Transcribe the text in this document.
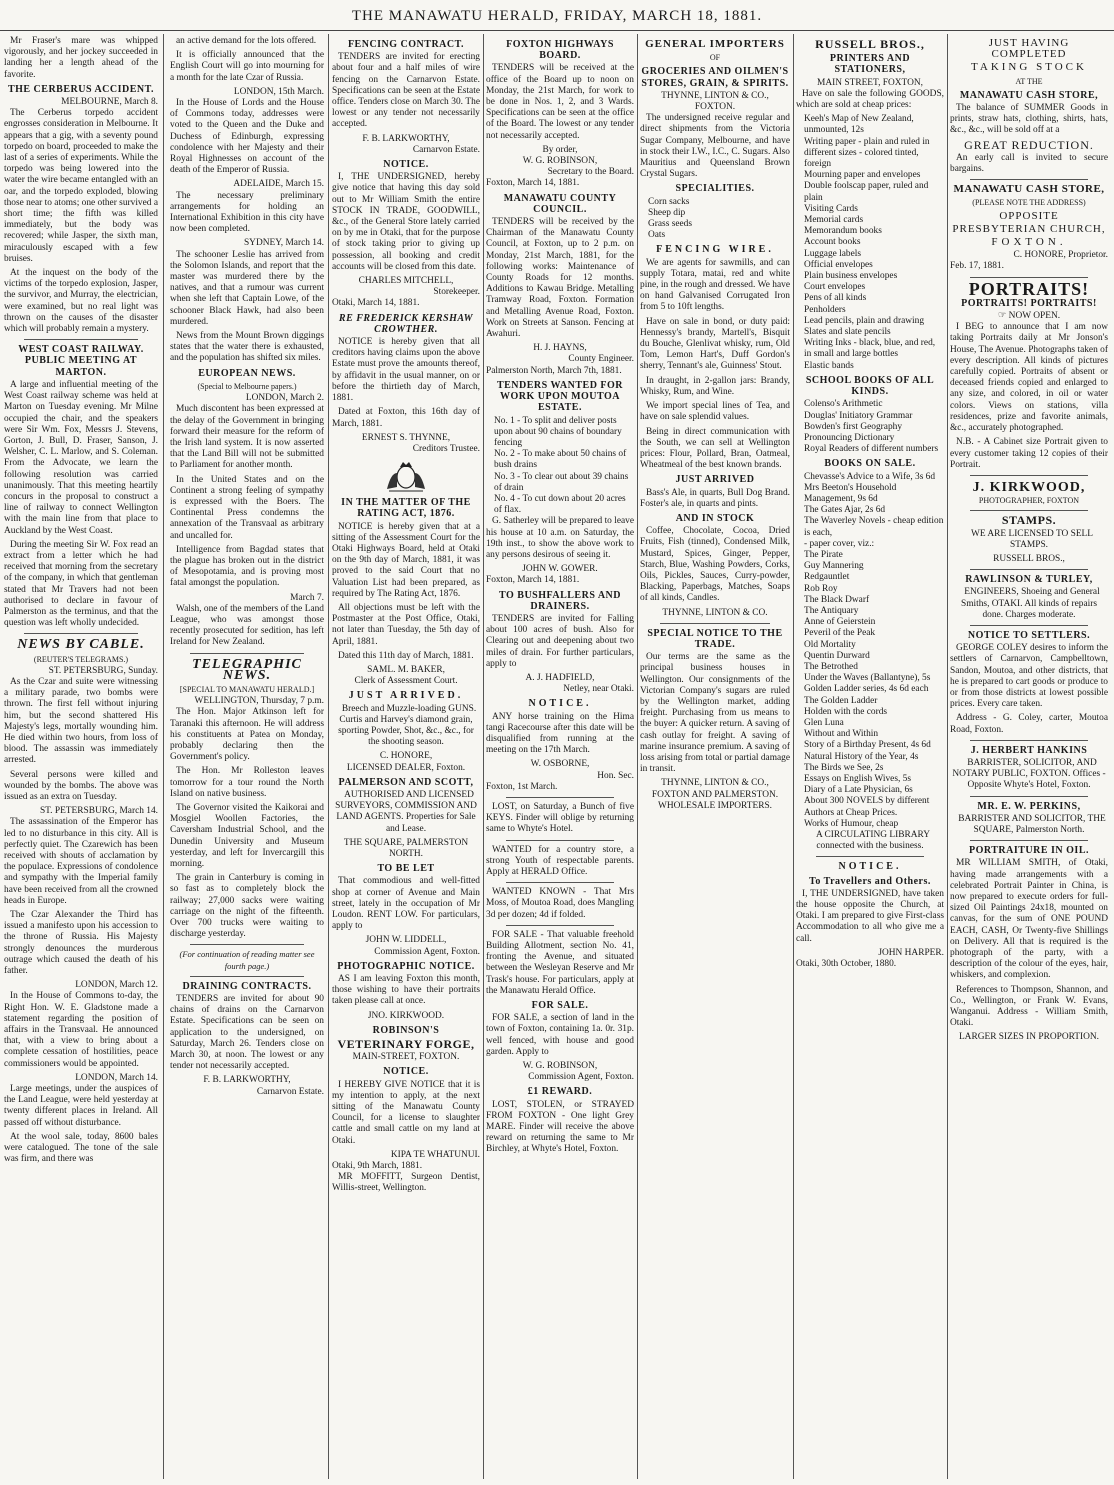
THE MANAWATU HERALD, FRIDAY, MARCH 18, 1881.
Mr Fraser's mare was whipped vigorously, and her jockey succeeded in landing her a length ahead of the favorite.
THE CERBERUS ACCIDENT.
MELBOURNE, March 8.
The Cerberus torpedo accident engrosses consideration in Melbourne. It appears that a gig, with a seventy pound torpedo on board, proceeded to make the last of a series of experiments. While the torpedo was being lowered into the water the wire became entangled with an oar, and the torpedo exploded, blowing those near to atoms; one other survived a short time; the fifth was killed immediately, but the body was recovered; while Jasper, the sixth man, miraculously escaped with a few bruises.
At the inquest on the body of the victims of the torpedo explosion, Jasper, the survivor, and Murray, the electrician, were examined, but no real light was thrown on the causes of the disaster which will probably remain a mystery.
WEST COAST RAILWAY. PUBLIC MEETING AT MARTON.
A large and influential meeting of the West Coast railway scheme was held at Marton on Tuesday evening. Mr Milne occupied the chair, and the speakers were Sir Wm. Fox, Messrs J. Stevens, Gorton, J. Bull, D. Fraser, Sanson, J. Welsher, C. L. Marlow, and S. Coleman. From the Advocate, we learn the following resolution was carried unanimously. That this meeting heartily concurs in the proposal to construct a line of railway to connect Wellington with the main line from that place to Auckland by the West Coast.
During the meeting Sir W. Fox read an extract from a letter which he had received that morning from the secretary of the company, in which that gentleman stated that Mr Travers had not been authorised to declare in favour of Palmerston as the terminus, and that the question was left wholly undecided.
NEWS BY CABLE.
(REUTER'S TELEGRAMS.)
ST. PETERSBURG, Sunday.
As the Czar and suite were witnessing a military parade, two bombs were thrown. The first fell without injuring him, but the second shattered His Majesty's legs, mortally wounding him. He died within two hours, from loss of blood. The assassin was immediately arrested.
Several persons were killed and wounded by the bombs. The above was issued as an extra on Tuesday.
ST. PETERSBURG, March 14.
The assassination of the Emperor has led to no disturbance in this city. All is perfectly quiet. The Czarewich has been received with shouts of acclamation by the populace. Expressions of condolence and sympathy with the Imperial family have been received from all the crowned heads in Europe.
The Czar Alexander the Third has issued a manifesto upon his accession to the throne of Russia. His Majesty strongly denounces the murderous outrage which caused the death of his father.
LONDON, March 12.
In the House of Commons to-day, the Right Hon. W. E. Gladstone made a statement regarding the position of affairs in the Transvaal. He announced that, with a view to bring about a complete cessation of hostilities, peace commissioners would be appointed.
LONDON, March 14.
Large meetings, under the auspices of the Land League, were held yesterday at twenty different places in Ireland. All passed off without disturbance.
At the wool sale, today, 8600 bales were catalogued. The tone of the sale was firm, and there was
an active demand for the lots offered.
It is officially announced that the English Court will go into mourning for a month for the late Czar of Russia.
LONDON, 15th March.
In the House of Lords and the House of Commons today, addresses were voted to the Queen and the Duke and Duchess of Edinburgh, expressing condolence with her Majesty and their Royal Highnesses on account of the death of the Emperor of Russia.
ADELAIDE, March 15.
The necessary preliminary arrangements for holding an International Exhibition in this city have now been completed.
SYDNEY, March 14.
The schooner Leslie has arrived from the Solomon Islands, and report that the master was murdered there by the natives, and that a rumour was current when she left that Captain Lowe, of the schooner Black Hawk, had also been murdered.
News from the Mount Brown diggings states that the water there is exhausted, and the population has shifted six miles.
EUROPEAN NEWS.
(Special to Melbourne papers.)
LONDON, March 2.
Much discontent has been expressed at the delay of the Government in bringing forward their measure for the reform of the Irish land system. It is now asserted that the Land Bill will not be submitted to Parliament for another month.
In the United States and on the Continent a strong feeling of sympathy is expressed with the Boers. The Continental Press condemns the annexation of the Transvaal as arbitrary and uncalled for.
Intelligence from Bagdad states that the plague has broken out in the district of Mesopotamia, and is proving most fatal amongst the population.
March 7.
Walsh, one of the members of the Land League, who was amongst those recently prosecuted for sedition, has left Ireland for New Zealand.
TELEGRAPHIC NEWS.
[SPECIAL TO MANAWATU HERALD.]
WELLINGTON, Thursday, 7 p.m.
The Hon. Major Atkinson left for Taranaki this afternoon. He will address his constituents at Patea on Monday, probably declaring then the Government's policy.
The Hon. Mr Rolleston leaves tomorrow for a tour round the North Island on native business.
The Governor visited the Kaikorai and Mosgiel Woollen Factories, the Caversham Industrial School, and the Dunedin University and Museum yesterday, and left for Invercargill this morning.
The grain in Canterbury is coming in so fast as to completely block the railway; 27,000 sacks were waiting carriage on the night of the fifteenth. Over 700 trucks were waiting to discharge yesterday.
(For continuation of reading matter see fourth page.)
DRAINING CONTRACTS.
TENDERS are invited for about 90 chains of drains on the Carnarvon Estate. Specifications can be seen on application to the undersigned, on Saturday, March 26. Tenders close on March 30, at noon. The lowest or any tender not necessarily accepted.
F. B. LARKWORTHY,
Carnarvon Estate.
FENCING CONTRACT.
TENDERS are invited for erecting about four and a half miles of wire fencing on the Carnarvon Estate. Specifications can be seen at the Estate office. Tenders close on March 30. The lowest or any tender not necessarily accepted.
F. B. LARKWORTHY,
Carnarvon Estate.
NOTICE.
I, THE UNDERSIGNED, hereby give notice that having this day sold out to Mr William Smith the entire STOCK IN TRADE, GOODWILL, &c., of the General Store lately carried on by me in Otaki, that for the purpose of stock taking prior to giving up possession, all booking and credit accounts will be closed from this date.
CHARLES MITCHELL,
Storekeeper.
Otaki, March 14, 1881.
RE FREDERICK KERSHAW CROWTHER.
NOTICE is hereby given that all creditors having claims upon the above Estate must prove the amounts thereof, by affidavit in the usual manner, on or before the thirtieth day of March, 1881.
Dated at Foxton, this 16th day of March, 1881.
ERNEST S. THYNNE,
Creditors Trustee.
IN THE MATTER OF THE RATING ACT, 1876.
NOTICE is hereby given that at a sitting of the Assessment Court for the Otaki Highways Board, held at Otaki on the 9th day of March, 1881, it was proved to the said Court that no Valuation List had been prepared, as required by The Rating Act, 1876.
All objections must be left with the Postmaster at the Post Office, Otaki, not later than Tuesday, the 5th day of April, 1881.
Dated this 11th day of March, 1881.
SAML. M. BAKER,
Clerk of Assessment Court.
JUST ARRIVED.
Breech and Muzzle-loading GUNS. Curtis and Harvey's diamond grain, sporting Powder, Shot, &c., &c., for the shooting season.
C. HONORE,
LICENSED DEALER, Foxton.
PALMERSON AND SCOTT,
AUTHORISED AND LICENSED SURVEYORS, COMMISSION AND LAND AGENTS. Properties for Sale and Lease.
THE SQUARE, PALMERSTON NORTH.
TO BE LET
That commodious and well-fitted shop at corner of Avenue and Main street, lately in the occupation of Mr Loudon. RENT LOW. For particulars, apply to
JOHN W. LIDDELL,
Commission Agent, Foxton.
PHOTOGRAPHIC NOTICE.
AS I am leaving Foxton this month, those wishing to have their portraits taken please call at once.
JNO. KIRKWOOD.
ROBINSON'S
VETERINARY FORGE,
MAIN-STREET, FOXTON.
NOTICE.
I HEREBY GIVE NOTICE that it is my intention to apply, at the next sitting of the Manawatu County Council, for a license to slaughter cattle and small cattle on my land at Otaki.
KIPA TE WHATUNUI.
Otaki, 9th March, 1881.
MR MOFFITT, Surgeon Dentist, Willis-street, Wellington.
FOXTON HIGHWAYS BOARD.
TENDERS will be received at the office of the Board up to noon on Monday, the 21st March, for work to be done in Nos. 1, 2, and 3 Wards. Specifications can be seen at the office of the Board. The lowest or any tender not necessarily accepted.
By order,
W. G. ROBINSON,
Secretary to the Board.
Foxton, March 14, 1881.
MANAWATU COUNTY COUNCIL.
TENDERS will be received by the Chairman of the Manawatu County Council, at Foxton, up to 2 p.m. on Monday, 21st March, 1881, for the following works: Maintenance of County Roads for 12 months. Additions to Kawau Bridge. Metalling Tramway Road, Foxton. Formation and Metalling Avenue Road, Foxton. Work on Streets at Sanson. Fencing at Awahuri.
H. J. HAYNS,
County Engineer.
Palmerston North, March 7th, 1881.
TENDERS WANTED FOR WORK UPON MOUTOA ESTATE.
No. 1 - To split and deliver posts upon about 90 chains of boundary fencing
No. 2 - To make about 50 chains of bush drains
No. 3 - To clear out about 39 chains of drain
No. 4 - To cut down about 20 acres of flax.
G. Satherley will be prepared to leave his house at 10 a.m. on Saturday, the 19th inst., to show the above work to any persons desirous of seeing it.
JOHN W. GOWER.
Foxton, March 14, 1881.
TO BUSHFALLERS AND DRAINERS.
TENDERS are invited for Falling about 100 acres of bush. Also for Clearing out and deepening about two miles of drain. For further particulars, apply to
A. J. HADFIELD,
Netley, near Otaki.
NOTICE.
ANY horse training on the Hima tangi Racecourse after this date will be disqualified from running at the meeting on the 17th March.
W. OSBORNE,
Hon. Sec.
Foxton, 1st March.
LOST, on Saturday, a Bunch of five KEYS. Finder will oblige by returning same to Whyte's Hotel.
WANTED for a country store, a strong Youth of respectable parents. Apply at HERALD Office.
WANTED KNOWN - That Mrs Moss, of Moutoa Road, does Mangling 3d per dozen; 4d if folded.
FOR SALE - That valuable freehold Building Allotment, section No. 41, fronting the Avenue, and situated between the Wesleyan Reserve and Mr Trask's house. For particulars, apply at the Manawatu Herald Office.
FOR SALE.
FOR SALE, a section of land in the town of Foxton, containing 1a. 0r. 31p. well fenced, with house and good garden. Apply to
W. G. ROBINSON,
Commission Agent, Foxton.
£1 REWARD.
LOST, STOLEN, or STRAYED FROM FOXTON - One light Grey MARE. Finder will receive the above reward on returning the same to Mr Birchley, at Whyte's Hotel, Foxton.
GENERAL IMPORTERS
OF
GROCERIES AND OILMEN'S STORES, GRAIN, & SPIRITS.
THYNNE, LINTON & CO.,
FOXTON.
The undersigned receive regular and direct shipments from the Victoria Sugar Company, Melbourne, and have in stock their I.W., I.C., C. Sugars. Also Mauritius and Queensland Brown Crystal Sugars.
SPECIALITIES.
Corn sacks
Sheep dip
Grass seeds
Oats
FENCING WIRE.
We are agents for sawmills, and can supply Totara, matai, red and white pine, in the rough and dressed. We have on hand Galvanised Corrugated Iron from 5 to 10ft lengths.
Have on sale in bond, or duty paid: Hennessy's brandy, Martell's, Bisquit du Bouche, Glenlivat whisky, rum, Old Tom, Lemon Hart's, Duff Gordon's sherry, Tennant's ale, Guinness' Stout.
In draught, in 2-gallon jars: Brandy, Whisky, Rum, and Wine.
We import special lines of Tea, and have on sale splendid values.
Being in direct communication with the South, we can sell at Wellington prices: Flour, Pollard, Bran, Oatmeal, Wheatmeal of the best known brands.
JUST ARRIVED
Bass's Ale, in quarts, Bull Dog Brand. Foster's ale, in quarts and pints.
AND IN STOCK
Coffee, Chocolate, Cocoa, Dried Fruits, Fish (tinned), Condensed Milk, Mustard, Spices, Ginger, Pepper, Starch, Blue, Washing Powders, Corks, Oils, Pickles, Sauces, Curry-powder, Blacking, Paperbags, Matches, Soaps of all kinds, Candles.
THYNNE, LINTON & CO.
SPECIAL NOTICE TO THE TRADE.
Our terms are the same as the principal business houses in Wellington. Our consignments of the Victorian Company's sugars are ruled by the Wellington market, adding freight. Purchasing from us means to the buyer: A quicker return. A saving of cash outlay for freight. A saving of marine insurance premium. A saving of loss arising from total or partial damage in transit.
THYNNE, LINTON & CO.,
FOXTON AND PALMERSTON.
WHOLESALE IMPORTERS.
RUSSELL BROS.,
PRINTERS AND STATIONERS,
MAIN STREET, FOXTON,
Have on sale the following GOODS, which are sold at cheap prices:
Keeh's Map of New Zealand, unmounted, 12s
Writing paper - plain and ruled in different sizes - colored tinted, foreign
Mourning paper and envelopes
Double foolscap paper, ruled and plain
Visiting Cards
Memorial cards
Memorandum books
Account books
Luggage labels
Official envelopes
Plain business envelopes
Court envelopes
Pens of all kinds
Penholders
Lead pencils, plain and drawing
Slates and slate pencils
Writing Inks - black, blue, and red, in small and large bottles
Elastic bands
SCHOOL BOOKS OF ALL KINDS.
Colenso's Arithmetic
Douglas' Initiatory Grammar
Bowden's first Geography
Pronouncing Dictionary
Royal Readers of different numbers
BOOKS ON SALE.
Chevasse's Advice to a Wife, 3s 6d
Mrs Beeton's Household Management, 9s 6d
The Gates Ajar, 2s 6d
The Waverley Novels - cheap edition is each,
- paper cover, viz.:
The Pirate
Guy Mannering
Redgauntlet
Rob Roy
The Black Dwarf
The Antiquary
Anne of Geierstein
Peveril of the Peak
Old Mortality
Quentin Durward
The Betrothed
Under the Waves (Ballantyne), 5s
Golden Ladder series, 4s 6d each
The Golden Ladder
Holden with the cords
Glen Luna
Without and Within
Story of a Birthday Present, 4s 6d
Natural History of the Year, 4s
The Birds we See, 2s
Essays on English Wives, 5s
Diary of a Late Physician, 6s
About 300 NOVELS by different Authors at Cheap Prices.
Works of Humour, cheap
A CIRCULATING LIBRARY connected with the business.
NOTICE.
To Travellers and Others.
I, THE UNDERSIGNED, have taken the house opposite the Church, at Otaki. I am prepared to give First-class Accommodation to all who give me a call.
JOHN HARPER.
Otaki, 30th October, 1880.
JUST HAVING COMPLETED
TAKING STOCK
AT THE
MANAWATU CASH STORE,
The balance of SUMMER Goods in prints, straw hats, clothing, shirts, hats, &c., &c., will be sold off at a
GREAT REDUCTION.
An early call is invited to secure bargains.
MANAWATU CASH STORE,
(PLEASE NOTE THE ADDRESS)
OPPOSITE
PRESBYTERIAN CHURCH,
FOXTON.
C. HONORE, Proprietor.
Feb. 17, 1881.
PORTRAITS!
PORTRAITS! PORTRAITS!
☞ NOW OPEN.
I BEG to announce that I am now taking Portraits daily at Mr Jonson's House, The Avenue. Photographs taken of every description. All kinds of pictures carefully copied. Portraits of absent or deceased friends copied and enlarged to any size, and colored, in oil or water colors. Views on stations, villa residences, prize and favorite animals, &c., accurately photographed.
N.B. - A Cabinet size Portrait given to every customer taking 12 copies of their Portrait.
J. KIRKWOOD,
PHOTOGRAPHER, FOXTON
STAMPS.
WE ARE LICENSED TO SELL STAMPS.
RUSSELL BROS.,
RAWLINSON & TURLEY,
ENGINEERS, Shoeing and General Smiths, OTAKI. All kinds of repairs done. Charges moderate.
NOTICE TO SETTLERS.
GEORGE COLEY desires to inform the settlers of Carnarvon, Campbelltown, Sandon, Moutoa, and other districts, that he is prepared to cart goods or produce to or from those districts at lowest possible prices. Every care taken.
Address - G. Coley, carter, Moutoa Road, Foxton.
J. HERBERT HANKINS
BARRISTER, SOLICITOR, AND NOTARY PUBLIC, FOXTON. Offices - Opposite Whyte's Hotel, Foxton.
MR. E. W. PERKINS,
BARRISTER AND SOLICITOR, THE SQUARE, Palmerston North.
PORTRAITURE IN OIL.
MR WILLIAM SMITH, of Otaki, having made arrangements with a celebrated Portrait Painter in China, is now prepared to execute orders for full-sized Oil Paintings 24x18, mounted on canvas, for the sum of ONE POUND EACH, CASH, Or Twenty-five Shillings on Delivery. All that is required is the photograph of the party, with a description of the colour of the eyes, hair, whiskers, and complexion.
References to Thompson, Shannon, and Co., Wellington, or Frank W. Evans, Wanganui. Address - William Smith, Otaki.
LARGER SIZES IN PROPORTION.
